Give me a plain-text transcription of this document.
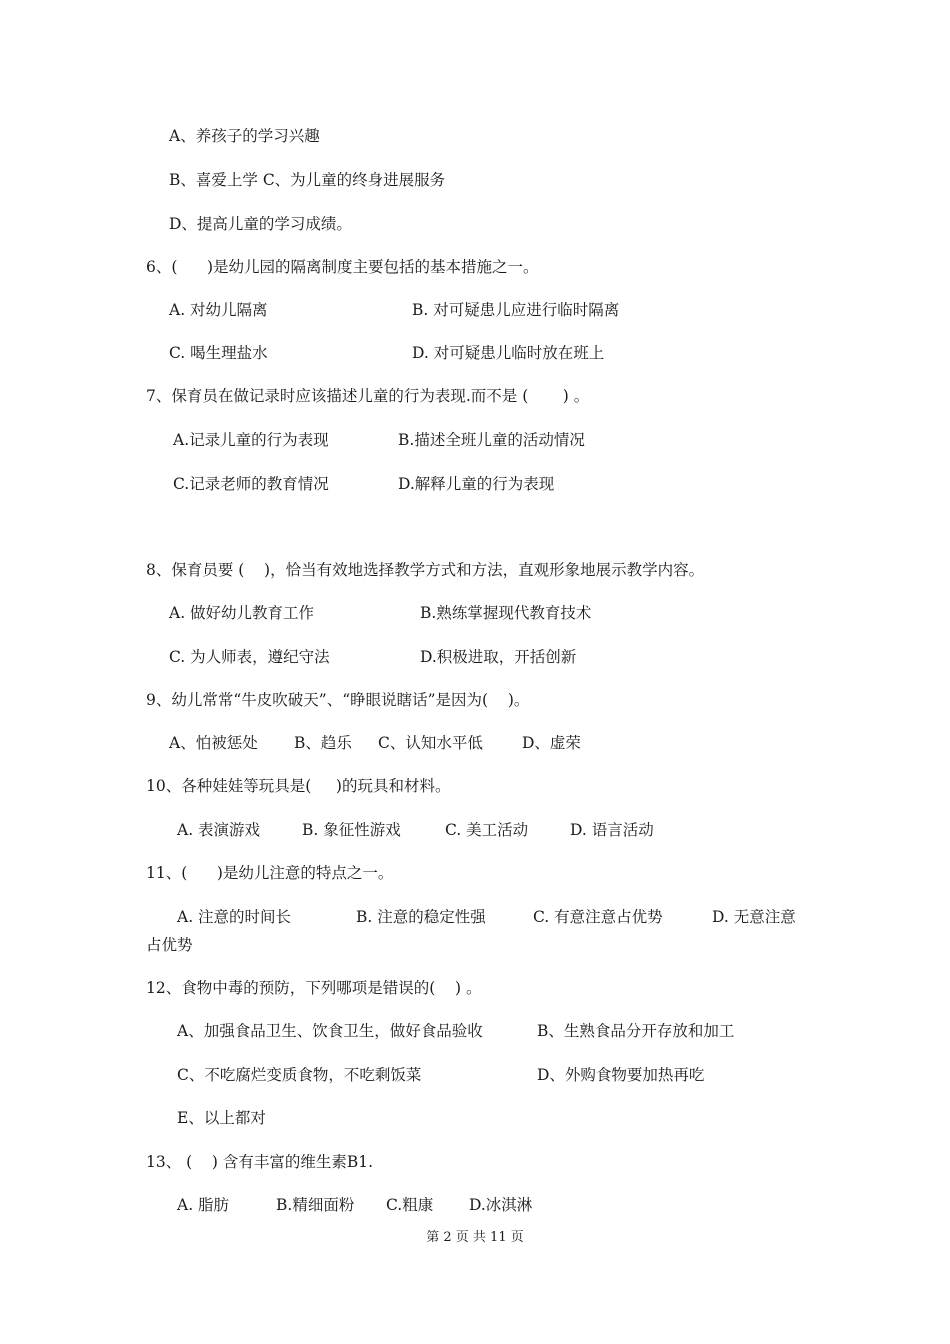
A、养孩子的学习兴趣
B、喜爱上学 C、为儿童的终身进展服务
D、提高儿童的学习成绩。
6、(      )是幼儿园的隔离制度主要包括的基本措施之一。
A. 对幼儿隔离	B. 对可疑患儿应进行临时隔离
C. 喝生理盐水	D. 对可疑患儿临时放在班上
7、保育员在做记录时应该描述儿童的行为表现.而不是 (       ) 。
A.记录儿童的行为表现	B.描述全班儿童的活动情况
C.记录老师的教育情况	D.解释儿童的行为表现
8、保育员要 (    )，恰当有效地选择教学方式和方法，直观形象地展示教学内容。
A. 做好幼儿教育工作	B.熟练掌握现代教育技术
C. 为人师表，遵纪守法	D.积极进取，开括创新
9、幼儿常常“牛皮吹破天”、“睁眼说瞎话”是因为(    )。
A、怕被惩处 B、趋乐 C、认知水平低	D、虚荣
10、各种娃娃等玩具是(     )的玩具和材料。
A. 表演游戏	B. 象征性游戏	C. 美工活动	D. 语言活动
11、(      )是幼儿注意的特点之一。
A. 注意的时间长	B. 注意的稳定性强	C. 有意注意占优势	D. 无意注意
占优势
12、食物中毒的预防，下列哪项是错误的(    ) 。
A、加强食品卫生、饮食卫生，做好食品验收	B、生熟食品分开存放和加工
C、不吃腐烂变质食物，不吃剩饭菜	D、外购食物要加热再吃
E、以上都对
13、 (    ) 含有丰富的维生素B1.
A. 脂肪	B.精细面粉 C.粗康 D.冰淇淋
第 2 页 共 11 页
